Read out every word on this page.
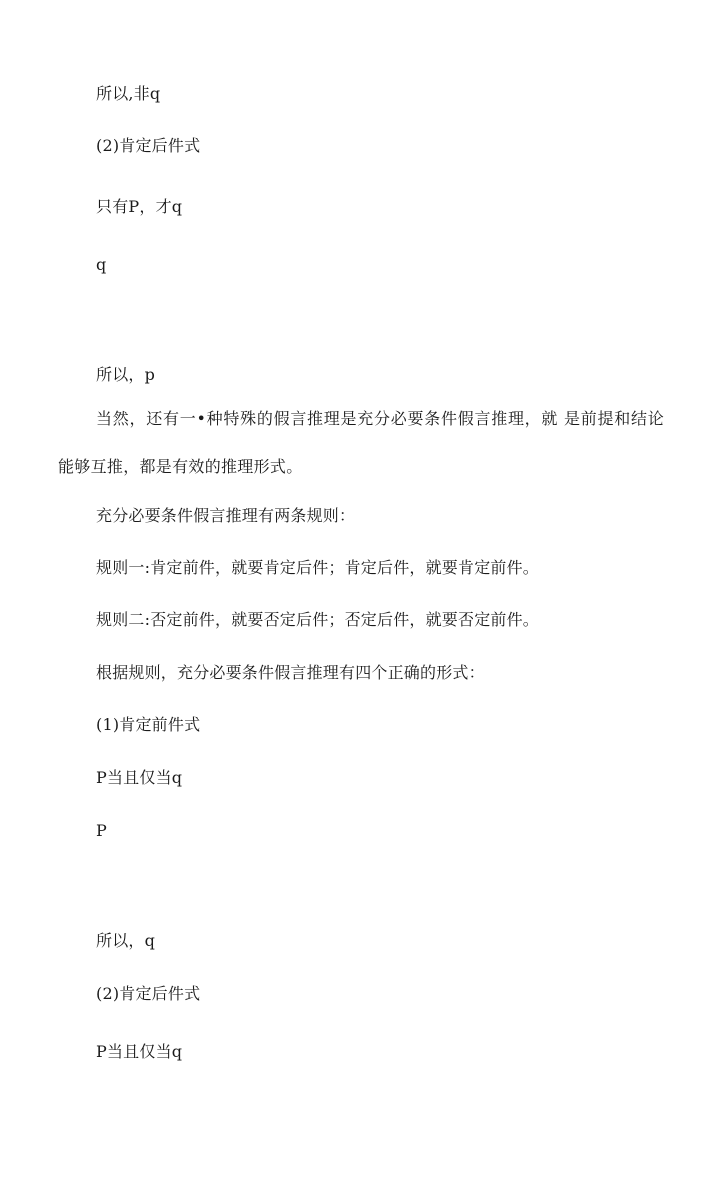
所以,非q
(2)肯定后件式
只有P，才q
q
所以，p
当然，还有一•种特殊的假言推理是充分必要条件假言推理，就 是前提和结论能够互推，都是有效的推理形式。
充分必要条件假言推理有两条规则：
规则一:肯定前件，就要肯定后件；肯定后件，就要肯定前件。
规则二:否定前件，就要否定后件；否定后件，就要否定前件。
根据规则，充分必要条件假言推理有四个正确的形式：
(1)肯定前件式
P当且仅当q
P
所以，q
(2)肯定后件式
P当且仅当q
